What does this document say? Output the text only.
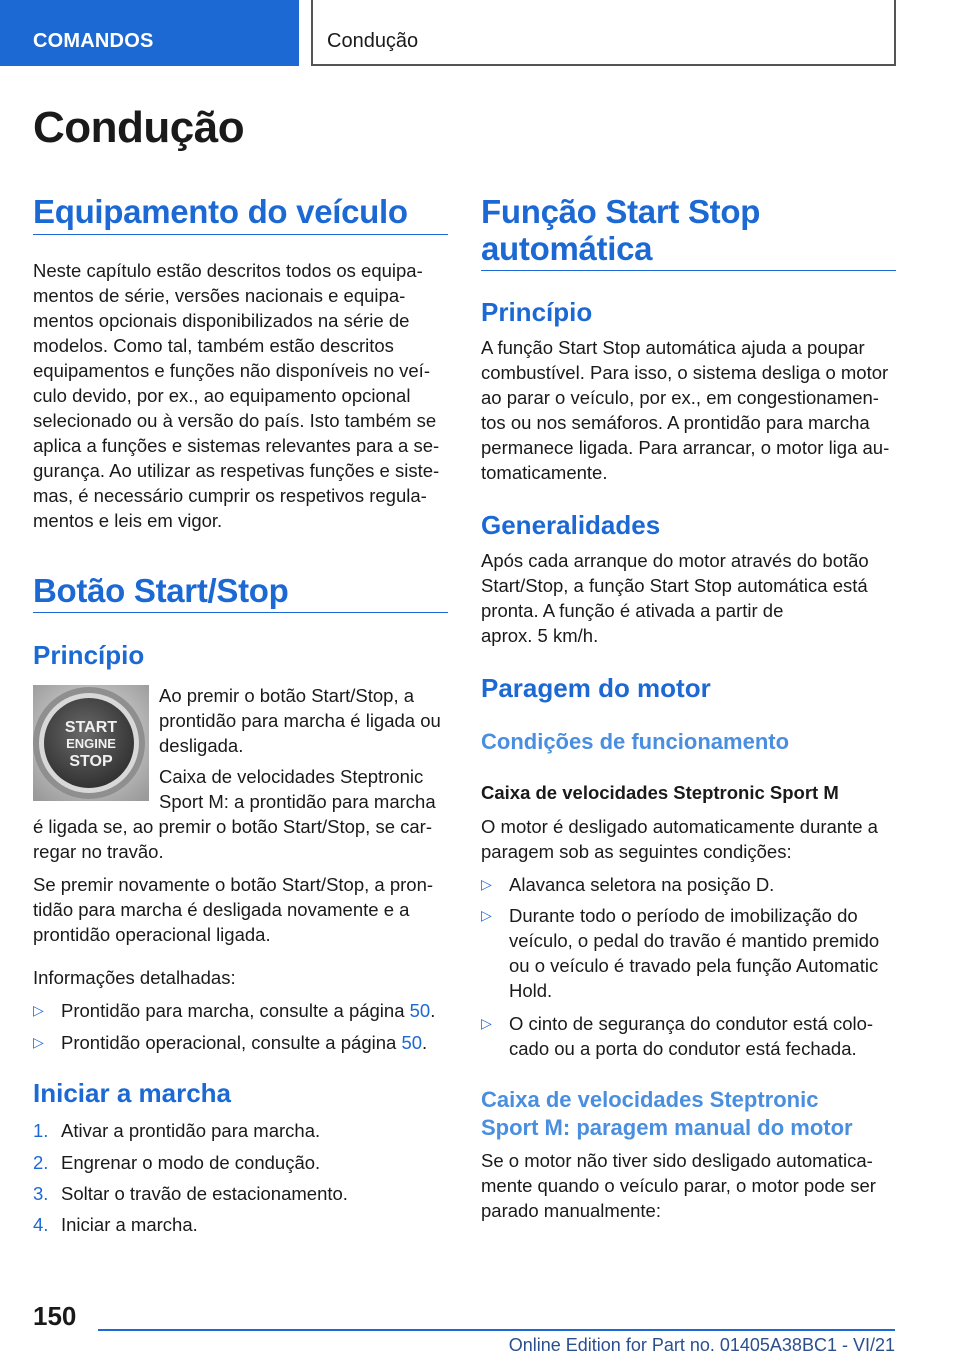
COMANDOS	Condução
Condução
Equipamento do veículo
Neste capítulo estão descritos todos os equipa-
mentos de série, versões nacionais e equipa-
mentos opcionais disponibilizados na série de
modelos. Como tal, também estão descritos
equipamentos e funções não disponíveis no veí-
culo devido, por ex., ao equipamento opcional
selecionado ou à versão do país. Isto também se
aplica a funções e sistemas relevantes para a se-
gurança. Ao utilizar as respetivas funções e siste-
mas, é necessário cumprir os respetivos regula-
mentos e leis em vigor.
Botão Start/Stop
Princípio
START
ENGINE
STOP
Ao premir o botão Start/Stop, a
prontidão para marcha é ligada ou
desligada.
Caixa de velocidades Steptronic
Sport M: a prontidão para marcha
é ligada se, ao premir o botão Start/Stop, se car-
regar no travão.
Se premir novamente o botão Start/Stop, a pron-
tidão para marcha é desligada novamente e a
prontidão operacional ligada.
Informações detalhadas:
▷ Prontidão para marcha, consulte a página 50.
▷ Prontidão operacional, consulte a página 50.
Iniciar a marcha
1. Ativar a prontidão para marcha.
2. Engrenar o modo de condução.
3. Soltar o travão de estacionamento.
4. Iniciar a marcha.
Função Start Stop
automática
Princípio
A função Start Stop automática ajuda a poupar
combustível. Para isso, o sistema desliga o motor
ao parar o veículo, por ex., em congestionamen-
tos ou nos semáforos. A prontidão para marcha
permanece ligada. Para arrancar, o motor liga au-
tomaticamente.
Generalidades
Após cada arranque do motor através do botão
Start/Stop, a função Start Stop automática está
pronta. A função é ativada a partir de
aprox. 5 km/h.
Paragem do motor
Condições de funcionamento
Caixa de velocidades Steptronic Sport M
O motor é desligado automaticamente durante a
paragem sob as seguintes condições:
▷ Alavanca seletora na posição D.
▷ Durante todo o período de imobilização do
veículo, o pedal do travão é mantido premido
ou o veículo é travado pela função Automatic
Hold.
▷ O cinto de segurança do condutor está colo-
cado ou a porta do condutor está fechada.
Caixa de velocidades Steptronic
Sport M: paragem manual do motor
Se o motor não tiver sido desligado automatica-
mente quando o veículo parar, o motor pode ser
parado manualmente:
150
Online Edition for Part no. 01405A38BC1 - VI/21
